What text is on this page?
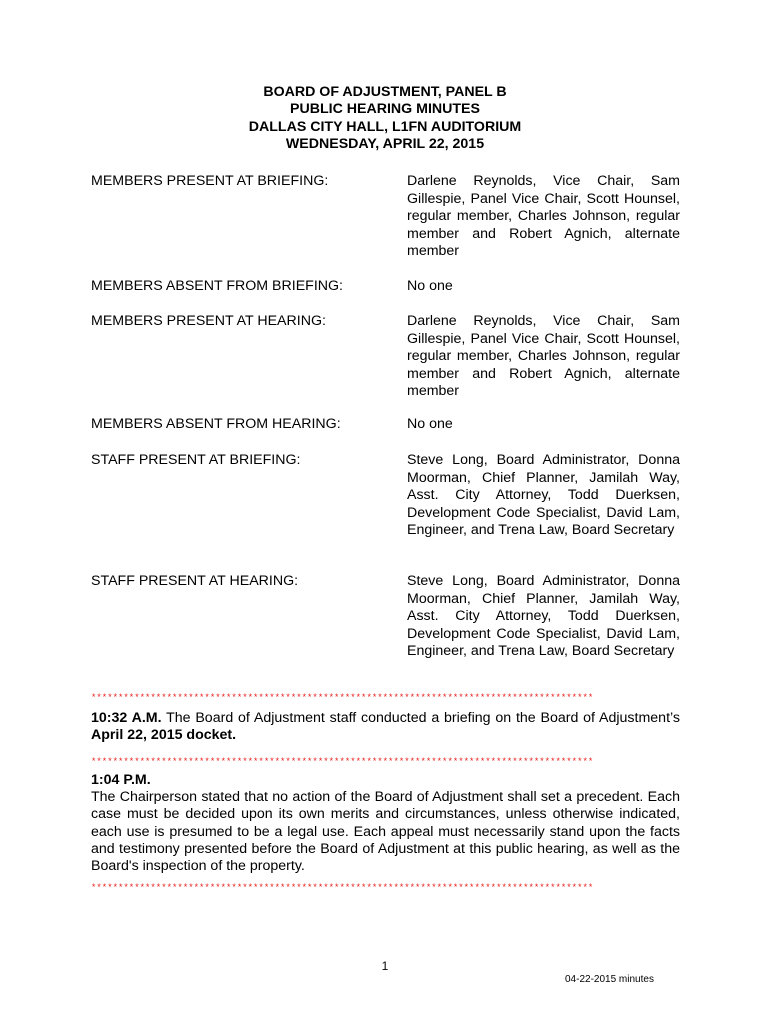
BOARD OF ADJUSTMENT, PANEL B
PUBLIC HEARING MINUTES
DALLAS CITY HALL, L1FN AUDITORIUM
WEDNESDAY, APRIL 22, 2015
MEMBERS PRESENT AT BRIEFING:	Darlene Reynolds, Vice Chair, Sam Gillespie, Panel Vice Chair, Scott Hounsel, regular member, Charles Johnson, regular member and Robert Agnich, alternate member
MEMBERS ABSENT FROM BRIEFING:	No one
MEMBERS PRESENT AT HEARING:	Darlene Reynolds, Vice Chair, Sam Gillespie, Panel Vice Chair, Scott Hounsel, regular member, Charles Johnson, regular member and Robert Agnich, alternate member
MEMBERS ABSENT FROM HEARING:	No one
STAFF PRESENT AT BRIEFING:	Steve Long, Board Administrator, Donna Moorman, Chief Planner, Jamilah Way, Asst. City Attorney, Todd Duerksen, Development Code Specialist, David Lam, Engineer, and Trena Law, Board Secretary
STAFF PRESENT AT HEARING:	Steve Long, Board Administrator, Donna Moorman, Chief Planner, Jamilah Way, Asst. City Attorney, Todd Duerksen, Development Code Specialist, David Lam, Engineer, and Trena Law, Board Secretary
*********************************************************************************************
10:32 A.M. The Board of Adjustment staff conducted a briefing on the Board of Adjustment’s April 22, 2015 docket.
*********************************************************************************************
1:04 P.M.
The Chairperson stated that no action of the Board of Adjustment shall set a precedent. Each case must be decided upon its own merits and circumstances, unless otherwise indicated, each use is presumed to be a legal use. Each appeal must necessarily stand upon the facts and testimony presented before the Board of Adjustment at this public hearing, as well as the Board's inspection of the property.
*********************************************************************************************
1
04-22-2015 minutes
